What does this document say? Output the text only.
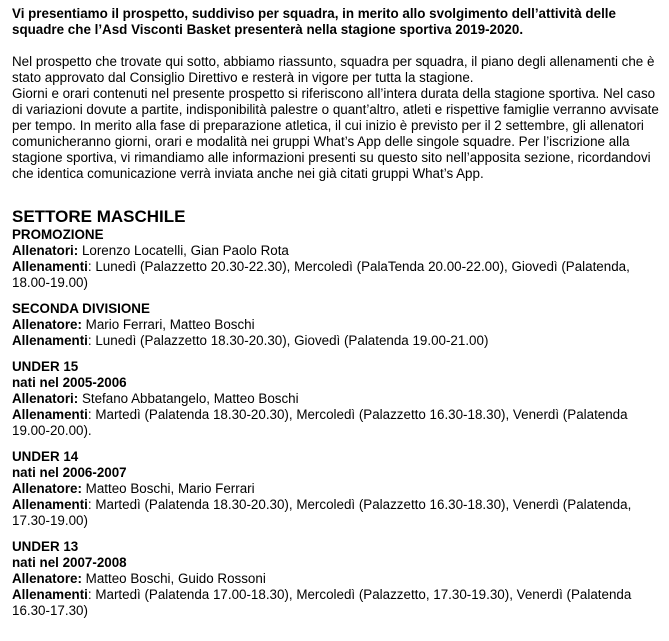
Vi presentiamo il prospetto, suddiviso per squadra, in merito allo svolgimento dell’attività delle squadre che l’Asd Visconti Basket presenterà nella stagione sportiva 2019-2020.

Nel prospetto che trovate qui sotto, abbiamo riassunto, squadra per squadra, il piano degli allenamenti che è stato approvato dal Consiglio Direttivo e resterà in vigore per tutta la stagione.

Giorni e orari contenuti nel presente prospetto si riferiscono all’intera durata della stagione sportiva. Nel caso di variazioni dovute a partite, indisponibilità palestre o quant’altro, atleti e rispettive famiglie verranno avvisate per tempo. In merito alla fase di preparazione atletica, il cui inizio è previsto per il 2 settembre, gli allenatori comunicheranno giorni, orari e modalità nei gruppi What’s App delle singole squadre. Per l’iscrizione alla stagione sportiva, vi rimandiamo alle informazioni presenti su questo sito nell’apposita sezione, ricordandovi che identica comunicazione verrà inviata anche nei già citati gruppi What’s App.

SETTORE MASCHILE

PROMOZIONE

Allenatori: Lorenzo Locatelli, Gian Paolo Rota

Allenamenti: Lunedì (Palazzetto 20.30-22.30), Mercoledì (PalaTenda 20.00-22.00), Giovedì (Palatenda, 18.00-19.00)

SECONDA DIVISIONE

Allenatore: Mario Ferrari, Matteo Boschi

Allenamenti: Lunedì (Palazzetto 18.30-20.30), Giovedì (Palatenda 19.00-21.00)

UNDER 15

nati nel 2005-2006

Allenatori: Stefano Abbatangelo, Matteo Boschi

Allenamenti: Martedì (Palatenda 18.30-20.30), Mercoledì (Palazzetto 16.30-18.30), Venerdì (Palatenda 19.00-20.00).

UNDER 14

nati nel 2006-2007

Allenatore: Matteo Boschi, Mario Ferrari

Allenamenti: Martedì (Palatenda 18.30-20.30), Mercoledì (Palazzetto 16.30-18.30), Venerdì (Palatenda, 17.30-19.00)

UNDER 13

nati nel 2007-2008

Allenatore: Matteo Boschi, Guido Rossoni

Allenamenti: Martedì (Palatenda 17.00-18.30), Mercoledì (Palazzetto, 17.30-19.30), Venerdì (Palatenda 16.30-17.30)
